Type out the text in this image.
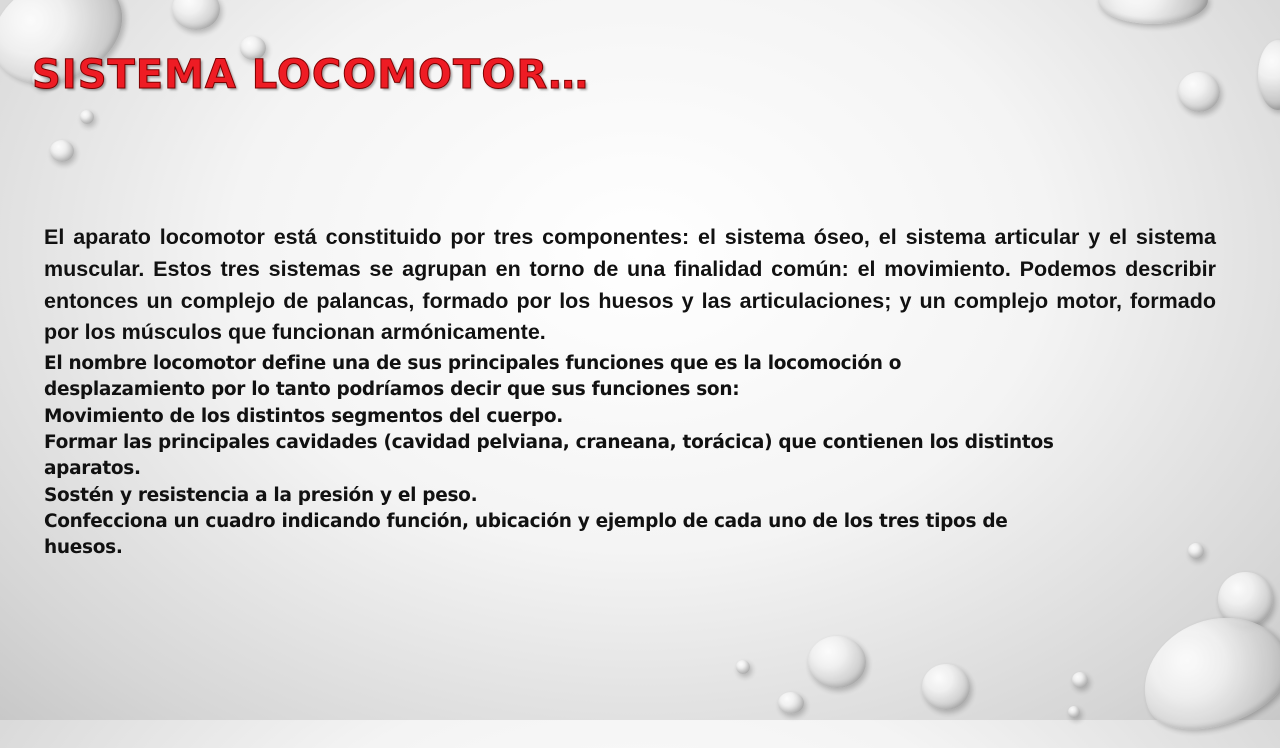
SISTEMA LOCOMOTOR…

El aparato locomotor está constituido por tres componentes: el sistema óseo, el sistema articular y el sistema muscular. Estos tres sistemas se agrupan en torno de una finalidad común: el movimiento. Podemos describir entonces un complejo de palancas, formado por los huesos y las articulaciones; y un complejo motor, formado por los músculos que funcionan armónicamente.

El nombre locomotor define una de sus principales funciones que es la locomoción o

desplazamiento por lo tanto podríamos decir que sus funciones son:

Movimiento de los distintos segmentos del cuerpo.

Formar las principales cavidades (cavidad pelviana, craneana, torácica) que contienen los distintos

aparatos.

Sostén y resistencia a la presión y el peso.

Confecciona un cuadro indicando función, ubicación y ejemplo de cada uno de los tres tipos de

huesos.
